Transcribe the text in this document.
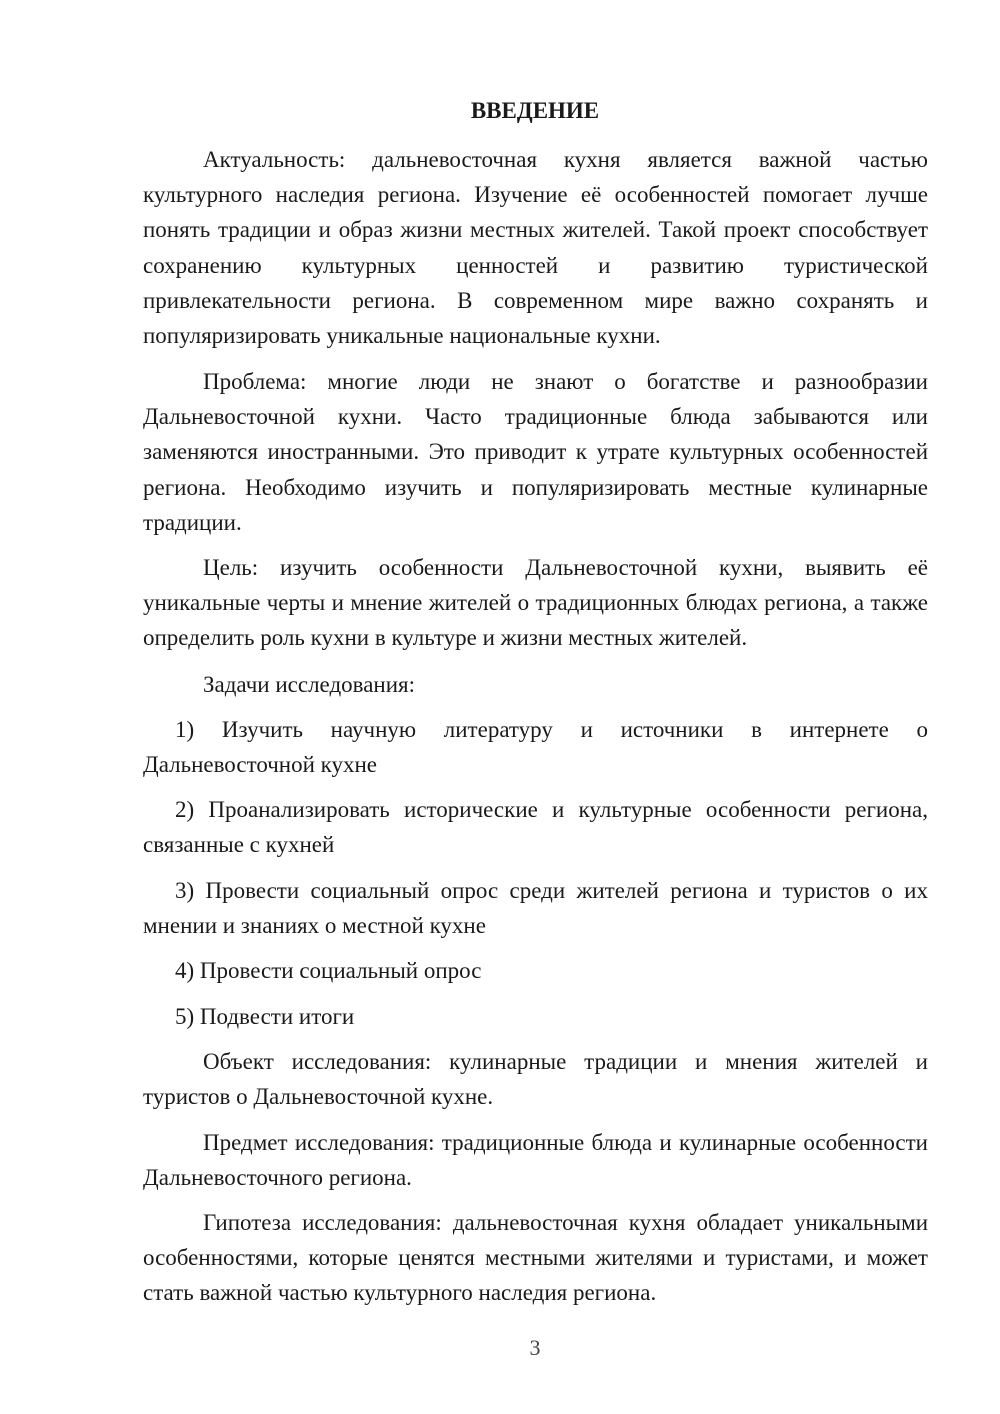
ВВЕДЕНИЕ

Актуальность: дальневосточная кухня является важной частью культурного наследия региона. Изучение её особенностей помогает лучше понять традиции и образ жизни местных жителей. Такой проект способствует сохранению культурных ценностей и развитию туристической привлекательности региона. В современном мире важно сохранять и популяризировать уникальные национальные кухни.

Проблема: многие люди не знают о богатстве и разнообразии Дальневосточной кухни. Часто традиционные блюда забываются или заменяются иностранными. Это приводит к утрате культурных особенностей региона. Необходимо изучить и популяризировать местные кулинарные традиции.

Цель: изучить особенности Дальневосточной кухни, выявить её уникальные черты и мнение жителей о традиционных блюдах региона, а также определить роль кухни в культуре и жизни местных жителей.

Задачи исследования:

1) Изучить научную литературу и источники в интернете о Дальневосточной кухне

2) Проанализировать исторические и культурные особенности региона, связанные с кухней

3) Провести социальный опрос среди жителей региона и туристов о их мнении и знаниях о местной кухне

4) Провести социальный опрос

5) Подвести итоги

Объект исследования: кулинарные традиции и мнения жителей и туристов о Дальневосточной кухне.

Предмет исследования: традиционные блюда и кулинарные особенности Дальневосточного региона.

Гипотеза исследования: дальневосточная кухня обладает уникальными особенностями, которые ценятся местными жителями и туристами, и может стать важной частью культурного наследия региона.

3
